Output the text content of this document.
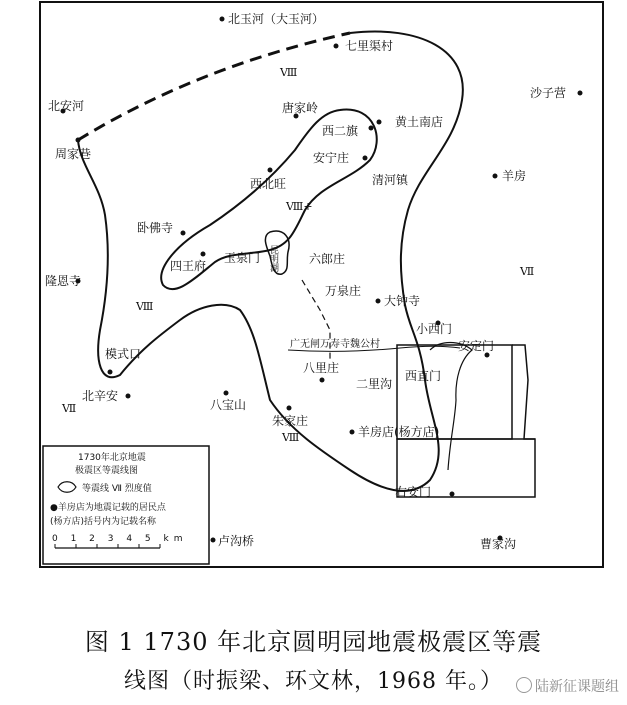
北玉河（大玉河）
七里渠村
沙子营
北安河
周家巷
唐家岭
西二旗
黄土南店
安宁庄
清河镇	羊房
西北旺
卧佛寺
四王府
玉泉门	六郎庄
万泉庄
隆恩寺
大钟寺
小西门
广无闸万寿寺魏公村	安定门
模式口
八里庄
二里沟
西直门
北辛安
八宝山
朱家庄
羊房店(杨方店)
右安门
卢沟桥	曹家沟
Ⅷ
Ⅷ+
Ⅷ
Ⅷ
Ⅶ
Ⅶ
昆明湖
1730年北京地震
极震区等震线图
等震线 Ⅶ 烈度值
●羊房店为地震记载的居民点
(杨方店)括号内为记载名称
0 1 2 3 4 5 km
图 1 1730 年北京圆明园地震极震区等震
线图（时振梁、环文林，1968 年。）	陆新征课题组
